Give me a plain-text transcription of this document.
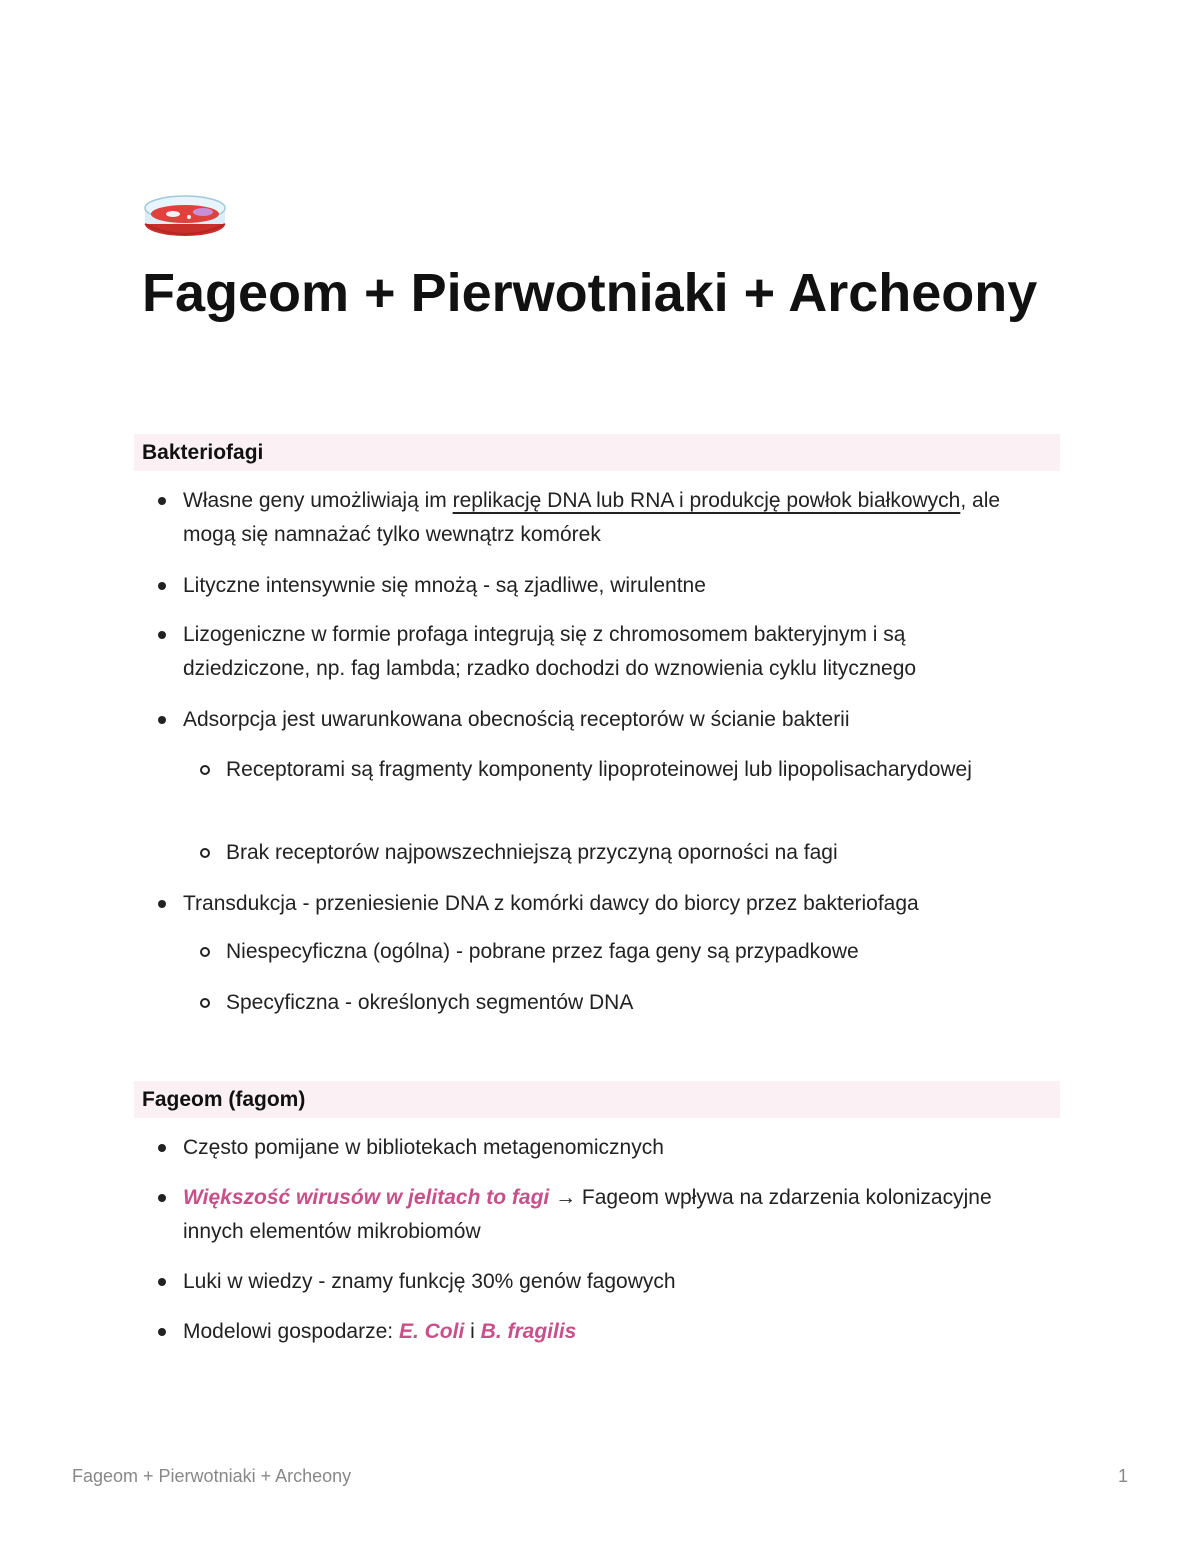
Fageom + Pierwotniaki + Archeony
Bakteriofagi
Własne geny umożliwiają im replikację DNA lub RNA i produkcję powłok białkowych, ale mogą się namnażać tylko wewnątrz komórek
Lityczne intensywnie się mnożą - są zjadliwe, wirulentne
Lizogeniczne w formie profaga integrują się z chromosomem bakteryjnym i są dziedziczone, np. fag lambda; rzadko dochodzi do wznowienia cyklu litycznego
Adsorpcja jest uwarunkowana obecnością receptorów w ścianie bakterii
Receptorami są fragmenty komponenty lipoproteinowej lub lipopolisacharydowej
Brak receptorów najpowszechniejszą przyczyną oporności na fagi
Transdukcja - przeniesienie DNA z komórki dawcy do biorcy przez bakteriofaga
Niespecyficzna (ogólna) - pobrane przez faga geny są przypadkowe
Specyficzna - określonych segmentów DNA
Fageom (fagom)
Często pomijane w bibliotekach metagenomicznych
Większość wirusów w jelitach to fagi → Fageom wpływa na zdarzenia kolonizacyjne innych elementów mikrobiomów
Luki w wiedzy - znamy funkcję 30% genów fagowych
Modelowi gospodarze: E. Coli i B. fragilis
Fageom + Pierwotniaki + Archeony	1
